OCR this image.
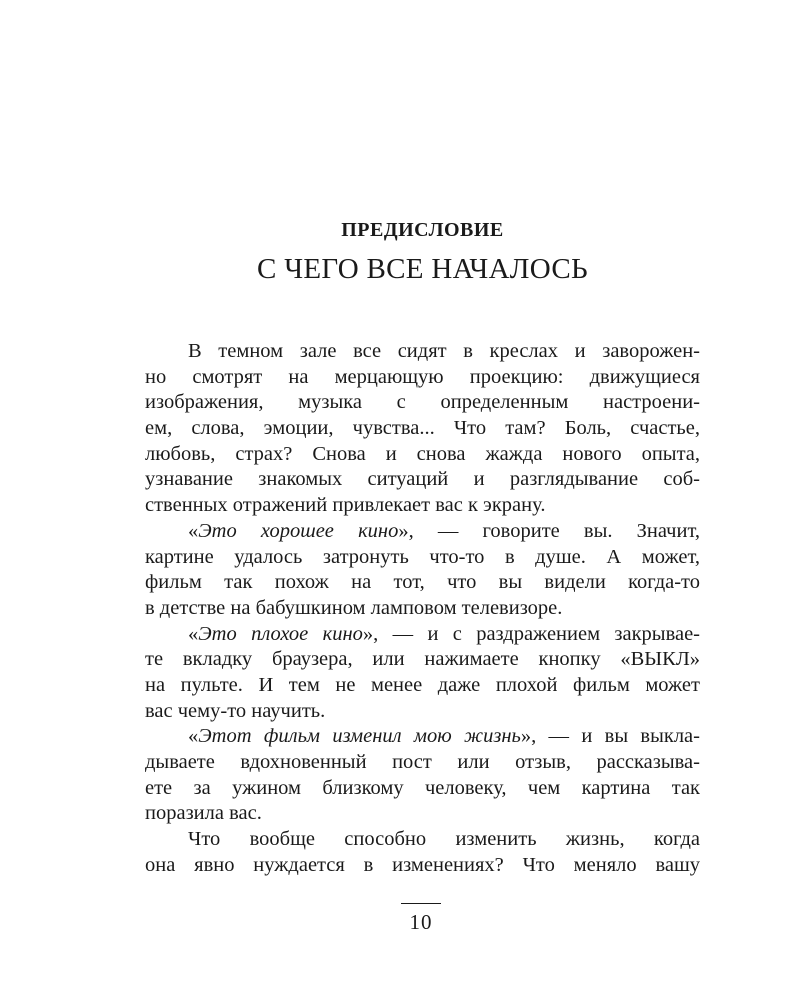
ПРЕДИСЛОВИЕ
С ЧЕГО ВСЕ НАЧАЛОСЬ
В темном зале все сидят в креслах и заворожен-
но смотрят на мерцающую проекцию: движущиеся
изображения, музыка с определенным настроени-
ем, слова, эмоции, чувства... Что там? Боль, счастье,
любовь, страх? Снова и снова жажда нового опыта,
узнавание знакомых ситуаций и разглядывание соб-
ственных отражений привлекает вас к экрану.
«Это хорошее кино», — говорите вы. Значит,
картине удалось затронуть что-то в душе. А может,
фильм так похож на тот, что вы видели когда-то
в детстве на бабушкином ламповом телевизоре.
«Это плохое кино», — и с раздражением закрывае-
те вкладку браузера, или нажимаете кнопку «ВЫКЛ»
на пульте. И тем не менее даже плохой фильм может
вас чему-то научить.
«Этот фильм изменил мою жизнь», — и вы выкла-
дываете вдохновенный пост или отзыв, рассказыва-
ете за ужином близкому человеку, чем картина так
поразила вас.
Что вообще способно изменить жизнь, когда
она явно нуждается в изменениях? Что меняло вашу
10
